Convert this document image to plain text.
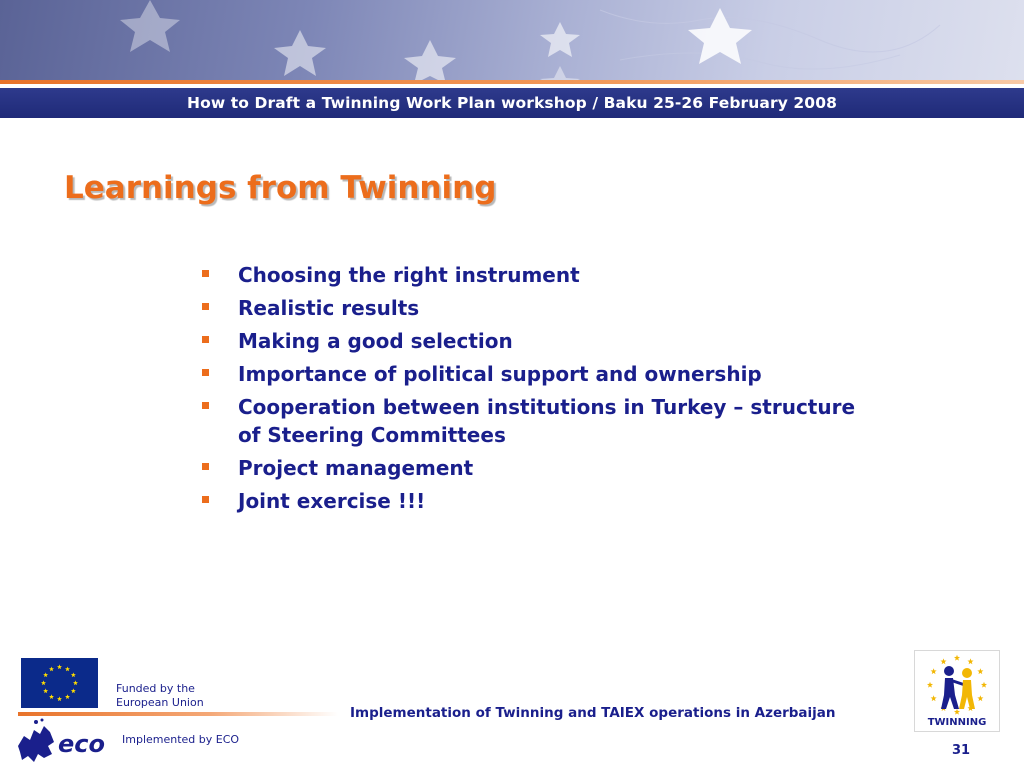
How to Draft a Twinning Work Plan workshop / Baku 25-26 February 2008
Learnings from Twinning
Choosing the right instrument
Realistic results
Making a good selection
Importance of political support and ownership
Cooperation between institutions in Turkey – structure of Steering Committees
Project management
Joint exercise !!!
Funded by the
European Union
eco Implemented by ECO
Implementation of Twinning and TAIEX operations in Azerbaijan
TWINNING
31
